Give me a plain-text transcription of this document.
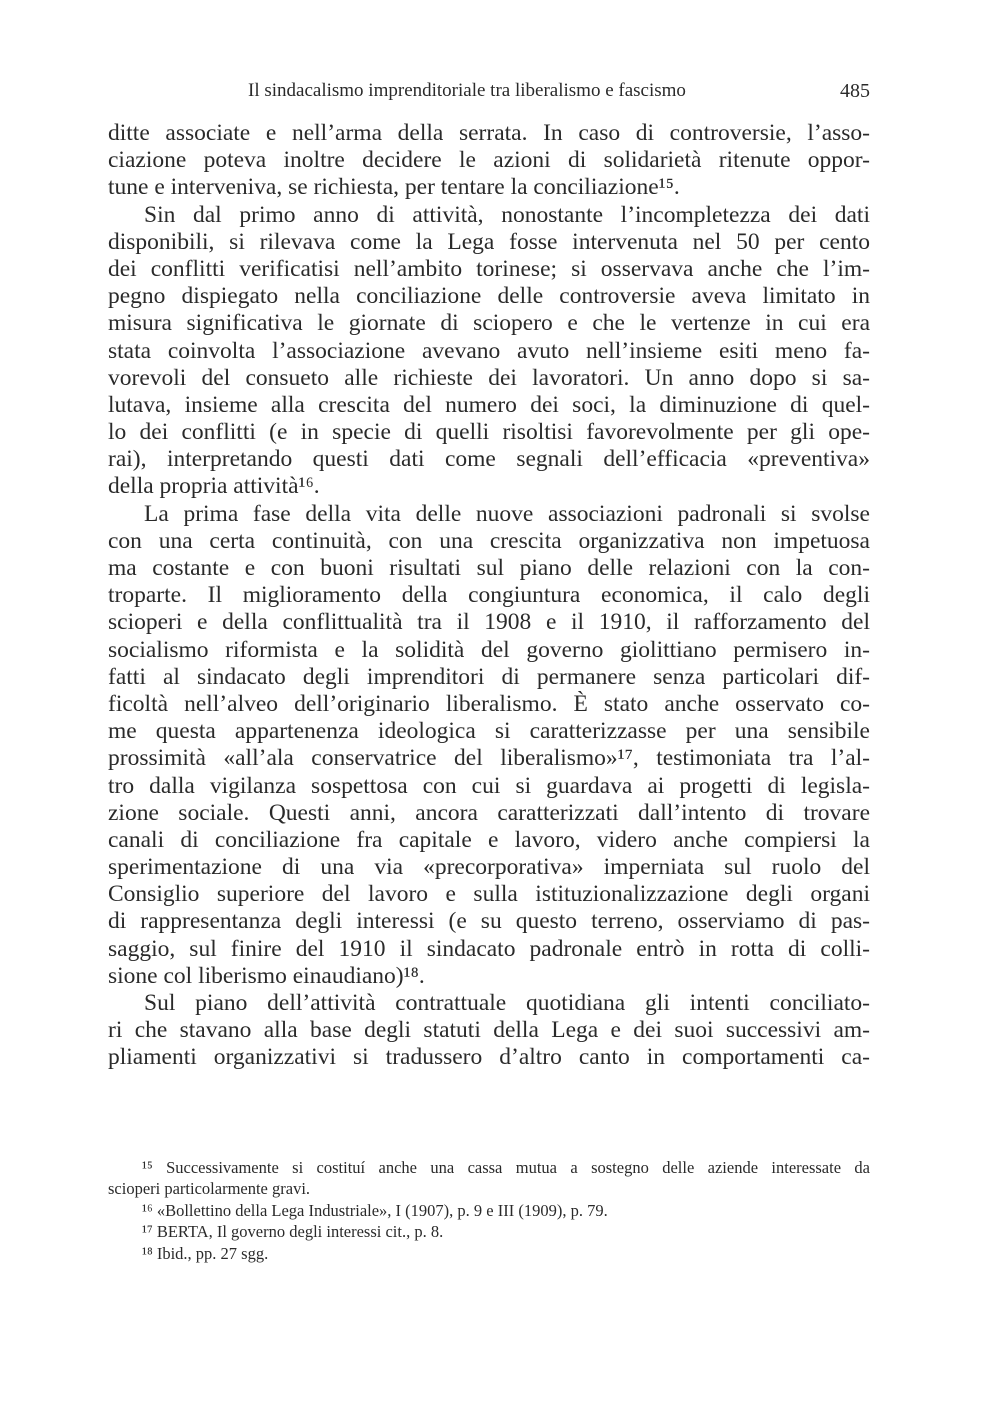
Il sindacalismo imprenditoriale tra liberalismo e fascismo	485
ditte associate e nell’arma della serrata. In caso di controversie, l’asso-
ciazione poteva inoltre decidere le azioni di solidarietà ritenute oppor-
tune e interveniva, se richiesta, per tentare la conciliazione¹⁵.
Sin dal primo anno di attività, nonostante l’incompletezza dei dati
disponibili, si rilevava come la Lega fosse intervenuta nel 50 per cento
dei conflitti verificatisi nell’ambito torinese; si osservava anche che l’im-
pegno dispiegato nella conciliazione delle controversie aveva limitato in
misura significativa le giornate di sciopero e che le vertenze in cui era
stata coinvolta l’associazione avevano avuto nell’insieme esiti meno fa-
vorevoli del consueto alle richieste dei lavoratori. Un anno dopo si sa-
lutava, insieme alla crescita del numero dei soci, la diminuzione di quel-
lo dei conflitti (e in specie di quelli risoltisi favorevolmente per gli ope-
rai), interpretando questi dati come segnali dell’efficacia «preventiva»
della propria attività¹⁶.
La prima fase della vita delle nuove associazioni padronali si svolse
con una certa continuità, con una crescita organizzativa non impetuosa
ma costante e con buoni risultati sul piano delle relazioni con la con-
troparte. Il miglioramento della congiuntura economica, il calo degli
scioperi e della conflittualità tra il 1908 e il 1910, il rafforzamento del
socialismo riformista e la solidità del governo giolittiano permisero in-
fatti al sindacato degli imprenditori di permanere senza particolari dif-
ficoltà nell’alveo dell’originario liberalismo. È stato anche osservato co-
me questa appartenenza ideologica si caratterizzasse per una sensibile
prossimità «all’ala conservatrice del liberalismo»¹⁷, testimoniata tra l’al-
tro dalla vigilanza sospettosa con cui si guardava ai progetti di legisla-
zione sociale. Questi anni, ancora caratterizzati dall’intento di trovare
canali di conciliazione fra capitale e lavoro, videro anche compiersi la
sperimentazione di una via «precorporativa» imperniata sul ruolo del
Consiglio superiore del lavoro e sulla istituzionalizzazione degli organi
di rappresentanza degli interessi (e su questo terreno, osserviamo di pas-
saggio, sul finire del 1910 il sindacato padronale entrò in rotta di colli-
sione col liberismo einaudiano)¹⁸.
Sul piano dell’attività contrattuale quotidiana gli intenti conciliato-
ri che stavano alla base degli statuti della Lega e dei suoi successivi am-
pliamenti organizzativi si tradussero d’altro canto in comportamenti ca-
¹⁵ Successivamente si costituí anche una cassa mutua a sostegno delle aziende interessate da
scioperi particolarmente gravi.
¹⁶ «Bollettino della Lega Industriale», I (1907), p. 9 e III (1909), p. 79.
¹⁷ BERTA, Il governo degli interessi cit., p. 8.
¹⁸ Ibid., pp. 27 sgg.
